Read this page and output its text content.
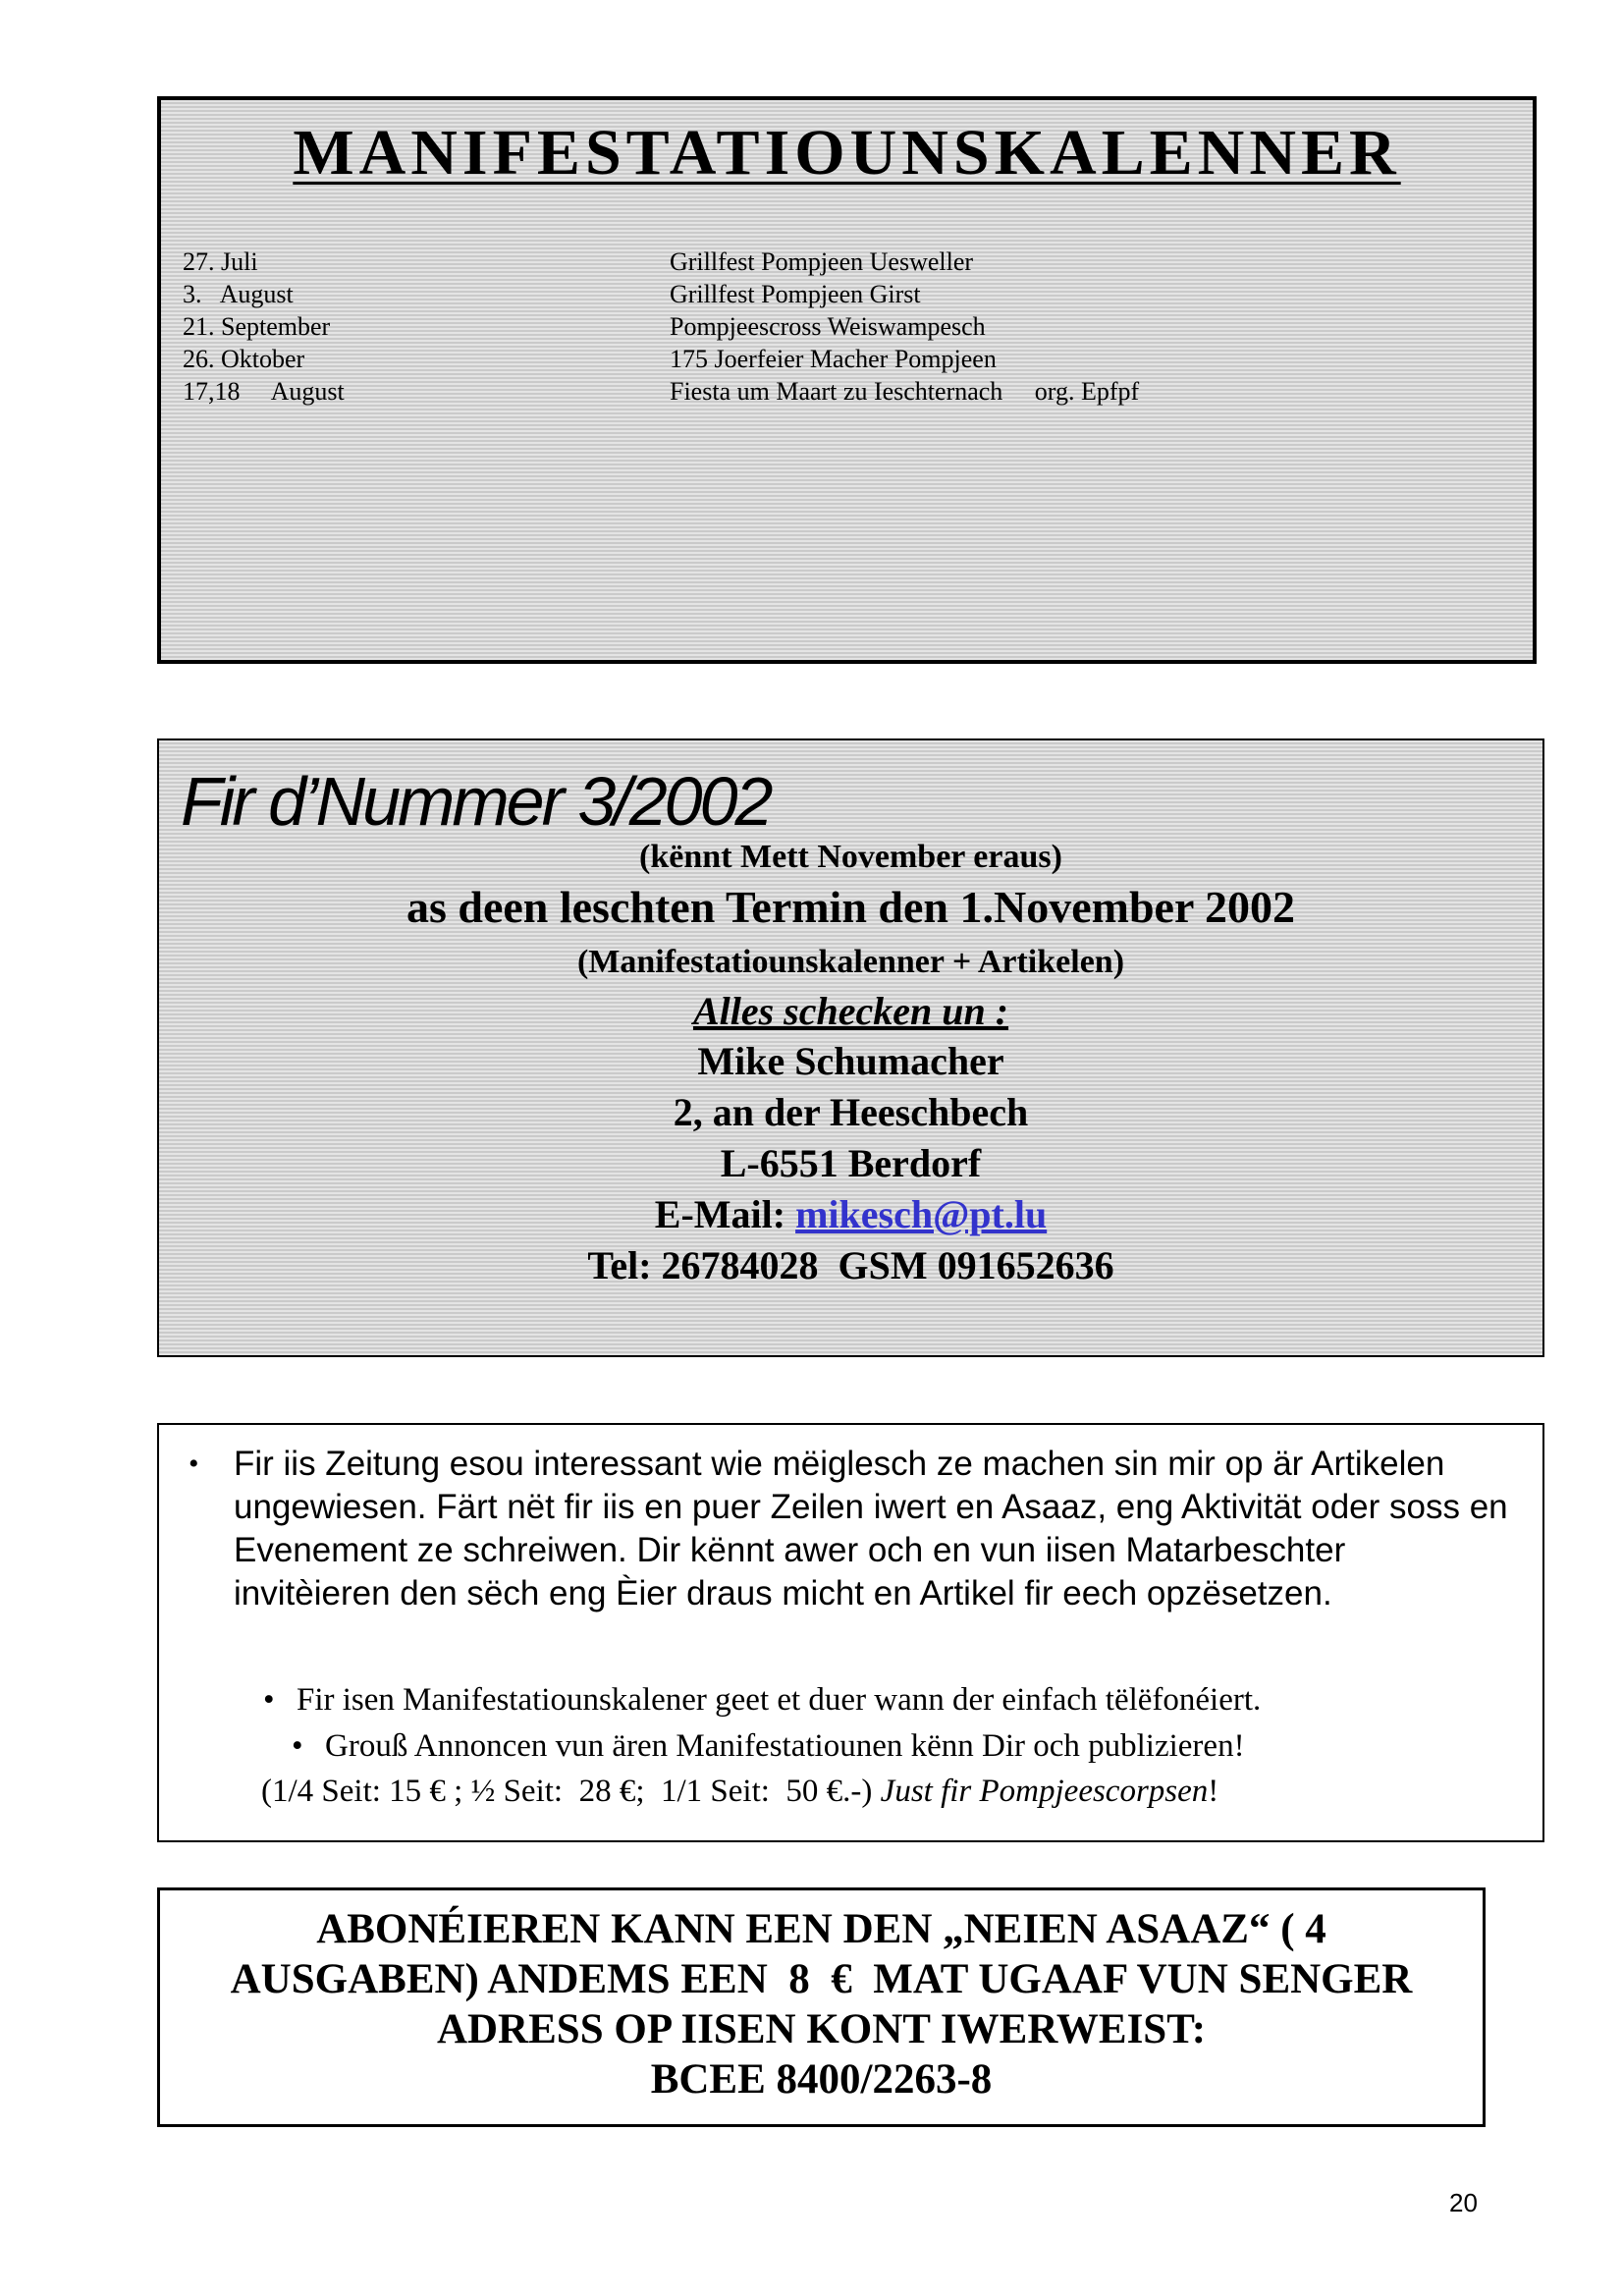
MANIFESTATIOUNSKALENNER
27. Juli	Grillfest Pompjeen Uesweller
3.   August	Grillfest Pompjeen Girst
21. September	Pompjeescross Weiswampesch
26. Oktober	175 Joerfeier Macher Pompjeen
17,18     August	Fiesta um Maart zu Ieschternach     org. Epfpf
Fir d’Nummer 3/2002
(kënnt Mett November eraus)
as deen leschten Termin den 1.November 2002
(Manifestatiounskalenner + Artikelen)
Alles schecken un :
Mike Schumacher
2, an der Heeschbech
L-6551 Berdorf
E-Mail: mikesch@pt.lu
Tel: 26784028  GSM 091652636
• Fir iis Zeitung esou interessant wie mëiglesch ze machen sin mir op är Artikelen ungewiesen. Färt nët fir iis en puer Zeilen iwert en Asaaz, eng Aktivität oder soss en Evenement ze schreiwen. Dir kënnt awer och en vun iisen Matarbeschter invitèieren den sëch eng Èier draus micht en Artikel fir eech opzësetzen.

• Fir isen Manifestatiounskalener geet et duer wann der einfach tëlëfonéiert.
• Grouß Annoncen vun ären Manifestatiounen kënn Dir och publizieren!
(1/4 Seit: 15 € ; ½ Seit:  28 €;  1/1 Seit:  50 €.-) Just fir Pompjeescorpsen!

ABONÉIEREN KANN EEN DEN „NEIEN ASAAZ“ ( 4
AUSGABEN) ANDEMS EEN  8  €  MAT UGAAF VUN SENGER
ADRESS OP IISEN KONT IWERWEIST:
BCEE 8400/2263-8

20
